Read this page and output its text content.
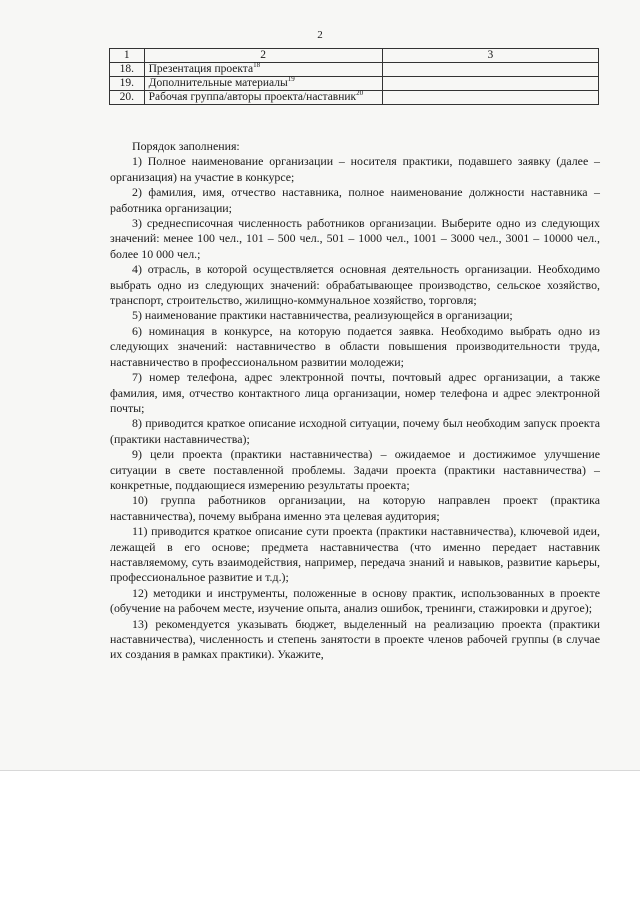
2
1	2	3
18.	Презентация проекта$^{18}$	
19.	Дополнительные материалы$^{19}$	
20.	Рабочая группа/авторы проекта/наставник$^{20}$	

Порядок заполнения:

1) Полное наименование организации – носителя практики, подавшего заявку (далее – организация) на участие в конкурсе;

2) фамилия, имя, отчество наставника, полное наименование должности наставника – работника организации;

3) среднесписочная численность работников организации. Выберите одно из следующих значений: менее 100 чел., 101 – 500 чел., 501 – 1000 чел., 1001 – 3000 чел., 3001 – 10000 чел., более 10 000 чел.;

4) отрасль, в которой осуществляется основная деятельность организации. Необходимо выбрать одно из следующих значений: обрабатывающее производство, сельское хозяйство, транспорт, строительство, жилищно-коммунальное хозяйство, торговля;

5) наименование практики наставничества, реализующейся в организации;

6) номинация в конкурсе, на которую подается заявка. Необходимо выбрать одно из следующих значений: наставничество в области повышения производительности труда, наставничество в профессиональном развитии молодежи;

7) номер телефона, адрес электронной почты, почтовый адрес организации, а также фамилия, имя, отчество контактного лица организации, номер телефона и адрес электронной почты;

8) приводится краткое описание исходной ситуации, почему был необходим запуск проекта (практики наставничества);

9) цели проекта (практики наставничества) – ожидаемое и достижимое улучшение ситуации в свете поставленной проблемы. Задачи проекта (практики наставничества) – конкретные, поддающиеся измерению результаты проекта;

10) группа работников организации, на которую направлен проект (практика наставничества), почему выбрана именно эта целевая аудитория;

11) приводится краткое описание сути проекта (практики наставничества), ключевой идеи, лежащей в его основе; предмета наставничества (что именно передает наставник наставляемому, суть взаимодействия, например, передача знаний и навыков, развитие карьеры, профессиональное развитие и т.д.);

12) методики и инструменты, положенные в основу практик, использованных в проекте (обучение на рабочем месте, изучение опыта, анализ ошибок, тренинги, стажировки и другое);

13) рекомендуется указывать бюджет, выделенный на реализацию проекта (практики наставничества), численность и степень занятости в проекте членов рабочей группы (в случае их создания в рамках практики). Укажите,
